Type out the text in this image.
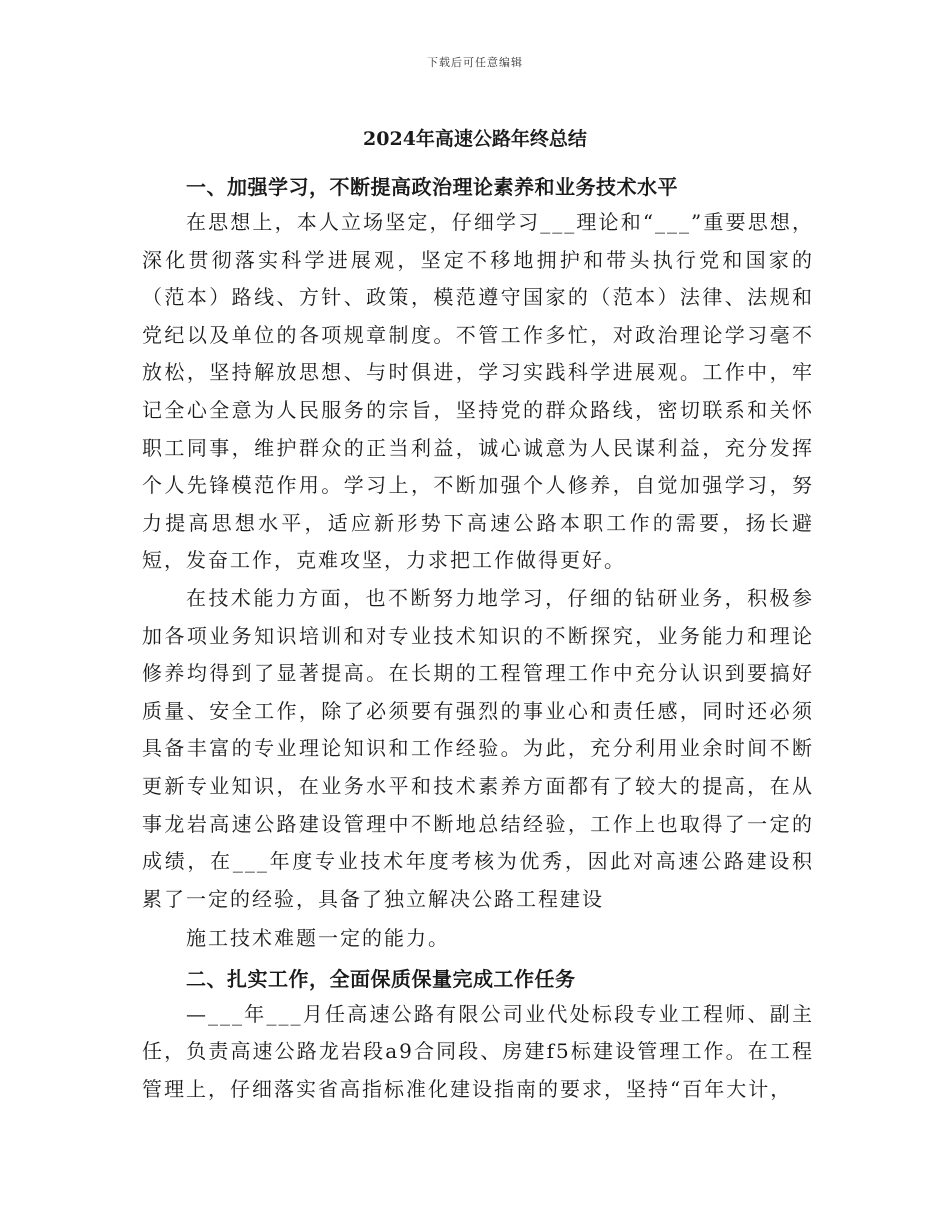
下载后可任意编辑
2024年高速公路年终总结

一、加强学习，不断提高政治理论素养和业务技术水平

在思想上，本人立场坚定，仔细学习___理论和“___”重要思想，深化贯彻落实科学进展观，坚定不移地拥护和带头执行党和国家的（范本）路线、方针、政策，模范遵守国家的（范本）法律、法规和党纪以及单位的各项规章制度。不管工作多忙，对政治理论学习毫不放松，坚持解放思想、与时俱进，学习实践科学进展观。工作中，牢记全心全意为人民服务的宗旨，坚持党的群众路线，密切联系和关怀职工同事，维护群众的正当利益，诚心诚意为人民谋利益，充分发挥个人先锋模范作用。学习上，不断加强个人修养，自觉加强学习，努力提高思想水平，适应新形势下高速公路本职工作的需要，扬长避短，发奋工作，克难攻坚，力求把工作做得更好。

在技术能力方面，也不断努力地学习，仔细的钻研业务，积极参加各项业务知识培训和对专业技术知识的不断探究，业务能力和理论修养均得到了显著提高。在长期的工程管理工作中充分认识到要搞好质量、安全工作，除了必须要有强烈的事业心和责任感，同时还必须具备丰富的专业理论知识和工作经验。为此，充分利用业余时间不断更新专业知识，在业务水平和技术素养方面都有了较大的提高，在从事龙岩高速公路建设管理中不断地总结经验，工作上也取得了一定的成绩，在___年度专业技术年度考核为优秀，因此对高速公路建设积累了一定的经验，具备了独立解决公路工程建设

施工技术难题一定的能力。

二、扎实工作，全面保质保量完成工作任务

—___年___月任高速公路有限公司业代处标段专业工程师、副主任，负责高速公路龙岩段a9合同段、房建f5标建设管理工作。在工程管理上，仔细落实省高指标准化建设指南的要求，坚持“百年大计，
